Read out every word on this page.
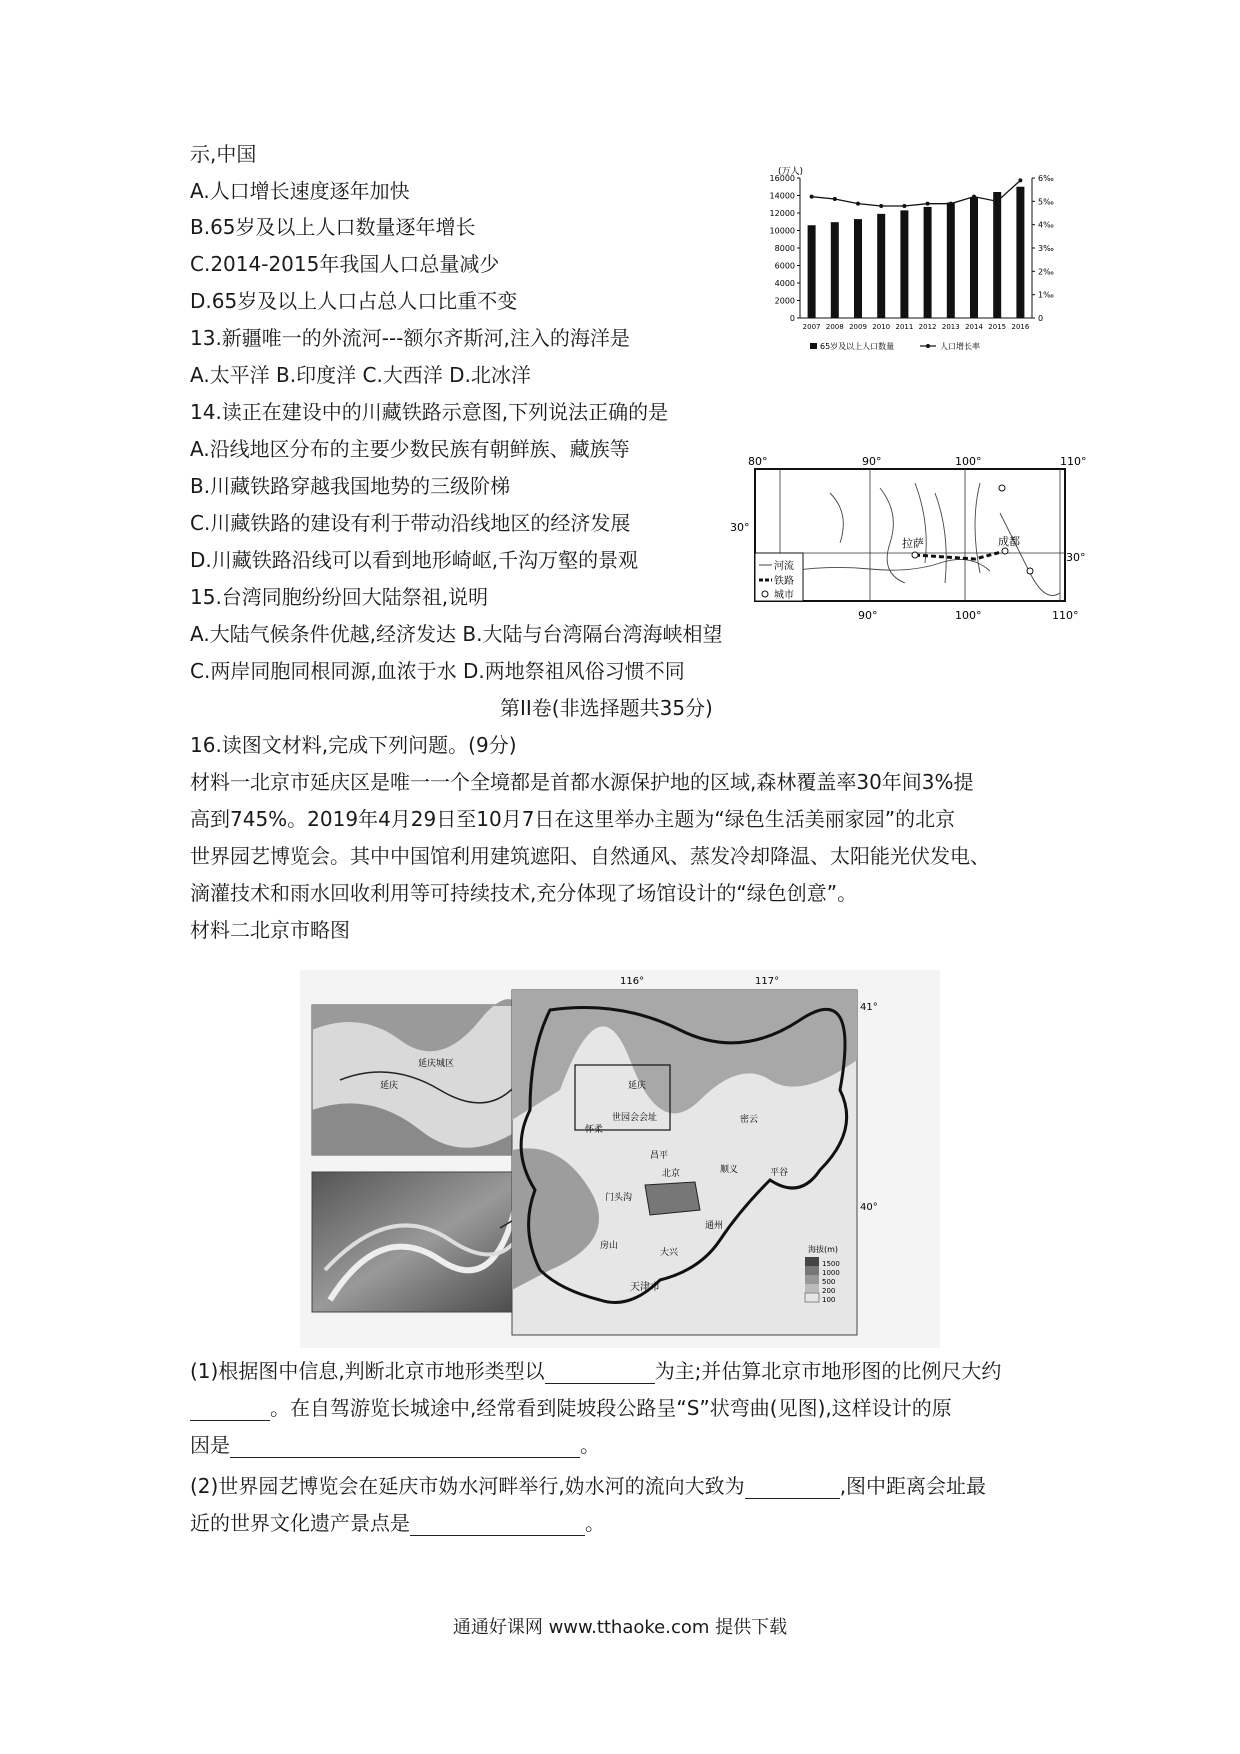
示,中国
A.人口增长速度逐年加快
B.65岁及以上人口数量逐年增长
C.2014-2015年我国人口总量减少
D.65岁及以上人口占总人口比重不变
13.新疆唯一的外流河---额尔齐斯河,注入的海洋是
A.太平洋 B.印度洋 C.大西洋 D.北冰洋
14.读正在建设中的川藏铁路示意图,下列说法正确的是
A.沿线地区分布的主要少数民族有朝鲜族、藏族等
B.川藏铁路穿越我国地势的三级阶梯
C.川藏铁路的建设有利于带动沿线地区的经济发展
D.川藏铁路沿线可以看到地形崎岖,千沟万壑的景观
15.台湾同胞纷纷回大陆祭祖,说明
A.大陆气候条件优越,经济发达 B.大陆与台湾隔台湾海峡相望
C.两岸同胞同根同源,血浓于水 D.两地祭祖风俗习惯不同
第II卷(非选择题共35分)
16.读图文材料,完成下列问题。(9分)
材料一北京市延庆区是唯一一个全境都是首都水源保护地的区域,森林覆盖率30年间3%提
高到745%。2019年4月29日至10月7日在这里举办主题为“绿色生活美丽家园”的北京
世界园艺博览会。其中中国馆利用建筑遮阳、自然通风、蒸发冷却降温、太阳能光伏发电、
滴灌技术和雨水回收利用等可持续技术,充分体现了场馆设计的“绿色创意”。
材料二北京市略图
(1)根据图中信息,判断北京市地形类型以	为主;并估算北京市地形图的比例尺大约
。在自驾游览长城途中,经常看到陡坡段公路呈“S”状弯曲(见图),这样设计的原
因是	。
(2)世界园艺博览会在延庆市妫水河畔举行,妫水河的流向大致为	,图中距离会址最
近的世界文化遗产景点是	。
(万人)
0
2000
4000
6000
8000
10000
12000
14000
16000
0
1‰
2‰
3‰
4‰
5‰
6‰
2007 2008 2009 2010 2011 2012 2013 2014 2015 2016
65岁及以上人口数量	人口增长率
80°	90°	100°	110°
90°	100°	110°
30°
30°
拉萨	成都
河流
铁路
城市
延庆城区
延庆
116°	117°
41°
40°
延庆
世园会会址
怀柔
密云
昌平
平谷
顺义
北京
门头沟
通州
房山
大兴
天津市
海拔(m)
1500
1000
500
200
100
通通好课网 www.tthaoke.com 提供下载
